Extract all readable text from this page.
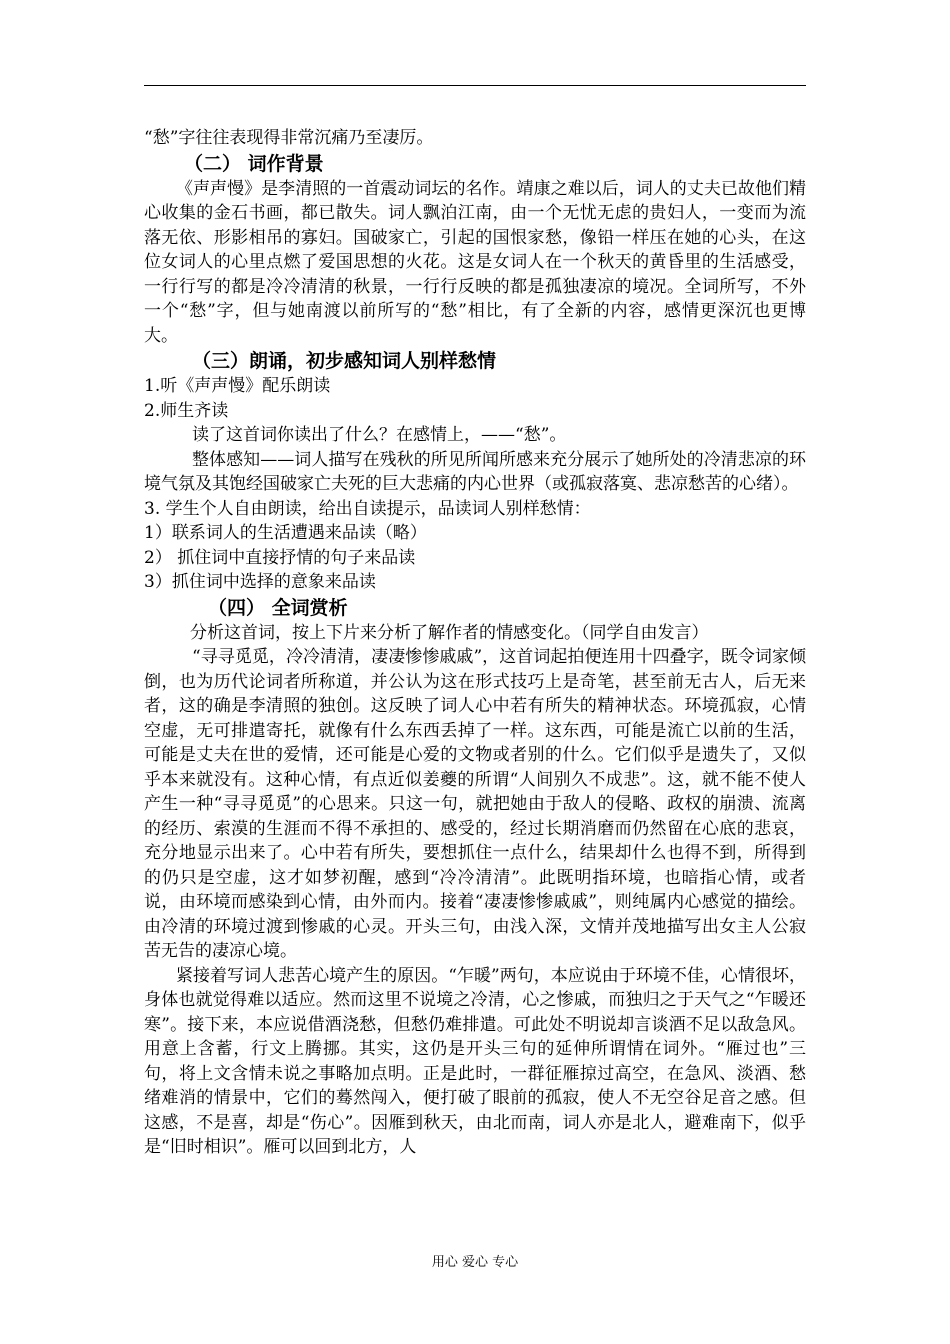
“愁”字往往表现得非常沉痛乃至凄厉。

（二） 词作背景

《声声慢》是李清照的一首震动词坛的名作。靖康之难以后，词人的丈夫已故他们精心收集的金石书画，都已散失。词人飘泊江南，由一个无忧无虑的贵妇人，一变而为流落无依、形影相吊的寡妇。国破家亡，引起的国恨家愁，像铅一样压在她的心头，在这位女词人的心里点燃了爱国思想的火花。这是女词人在一个秋天的黄昏里的生活感受，一行行写的都是冷冷清清的秋景，一行行反映的都是孤独凄凉的境况。全词所写，不外一个“愁”字，但与她南渡以前所写的“愁”相比，有了全新的内容，感情更深沉也更博大。

（三）朗诵，初步感知词人别样愁情

1.听《声声慢》配乐朗读

2.师生齐读

读了这首词你读出了什么？在感情上，——“愁”。

整体感知——词人描写在残秋的所见所闻所感来充分展示了她所处的冷清悲凉的环境气氛及其饱经国破家亡夫死的巨大悲痛的内心世界（或孤寂落寞、悲凉愁苦的心绪）。

3. 学生个人自由朗读，给出自读提示，品读词人别样愁情：

1）联系词人的生活遭遇来品读（略）

2） 抓住词中直接抒情的句子来品读

3）抓住词中选择的意象来品读

（四） 全词赏析

分析这首词，按上下片来分析了解作者的情感变化。（同学自由发言）

“寻寻觅觅，冷冷清清，凄凄惨惨戚戚”，这首词起拍便连用十四叠字，既令词家倾倒，也为历代论词者所称道，并公认为这在形式技巧上是奇笔，甚至前无古人，后无来者，这的确是李清照的独创。这反映了词人心中若有所失的精神状态。环境孤寂，心情空虚，无可排遣寄托，就像有什么东西丢掉了一样。这东西，可能是流亡以前的生活，可能是丈夫在世的爱情，还可能是心爱的文物或者别的什么。它们似乎是遗失了，又似乎本来就没有。这种心情，有点近似姜夔的所谓“人间别久不成悲”。这，就不能不使人产生一种“寻寻觅觅”的心思来。只这一句，就把她由于敌人的侵略、政权的崩溃、流离的经历、索漠的生涯而不得不承担的、感受的，经过长期消磨而仍然留在心底的悲哀，充分地显示出来了。心中若有所失，要想抓住一点什么，结果却什么也得不到，所得到的仍只是空虚，这才如梦初醒，感到“冷冷清清”。此既明指环境，也暗指心情，或者说，由环境而感染到心情，由外而内。接着“凄凄惨惨戚戚”，则纯属内心感觉的描绘。由冷清的环境过渡到惨戚的心灵。开头三句，由浅入深，文情并茂地描写出女主人公寂苦无告的凄凉心境。

紧接着写词人悲苦心境产生的原因。“乍暖”两句，本应说由于环境不佳，心情很坏，身体也就觉得难以适应。然而这里不说境之冷清，心之惨戚，而独归之于天气之“乍暖还寒”。接下来，本应说借酒浇愁，但愁仍难排遣。可此处不明说却言谈酒不足以敌急风。用意上含蓄，行文上腾挪。其实，这仍是开头三句的延伸所谓情在词外。“雁过也”三句，将上文含情未说之事略加点明。正是此时，一群征雁掠过高空，在急风、淡酒、愁绪难消的情景中，它们的蓦然闯入，便打破了眼前的孤寂，使人不无空谷足音之感。但这感，不是喜，却是“伤心”。因雁到秋天，由北而南，词人亦是北人，避难南下，似乎是“旧时相识”。雁可以回到北方，人

用心 爱心 专心
